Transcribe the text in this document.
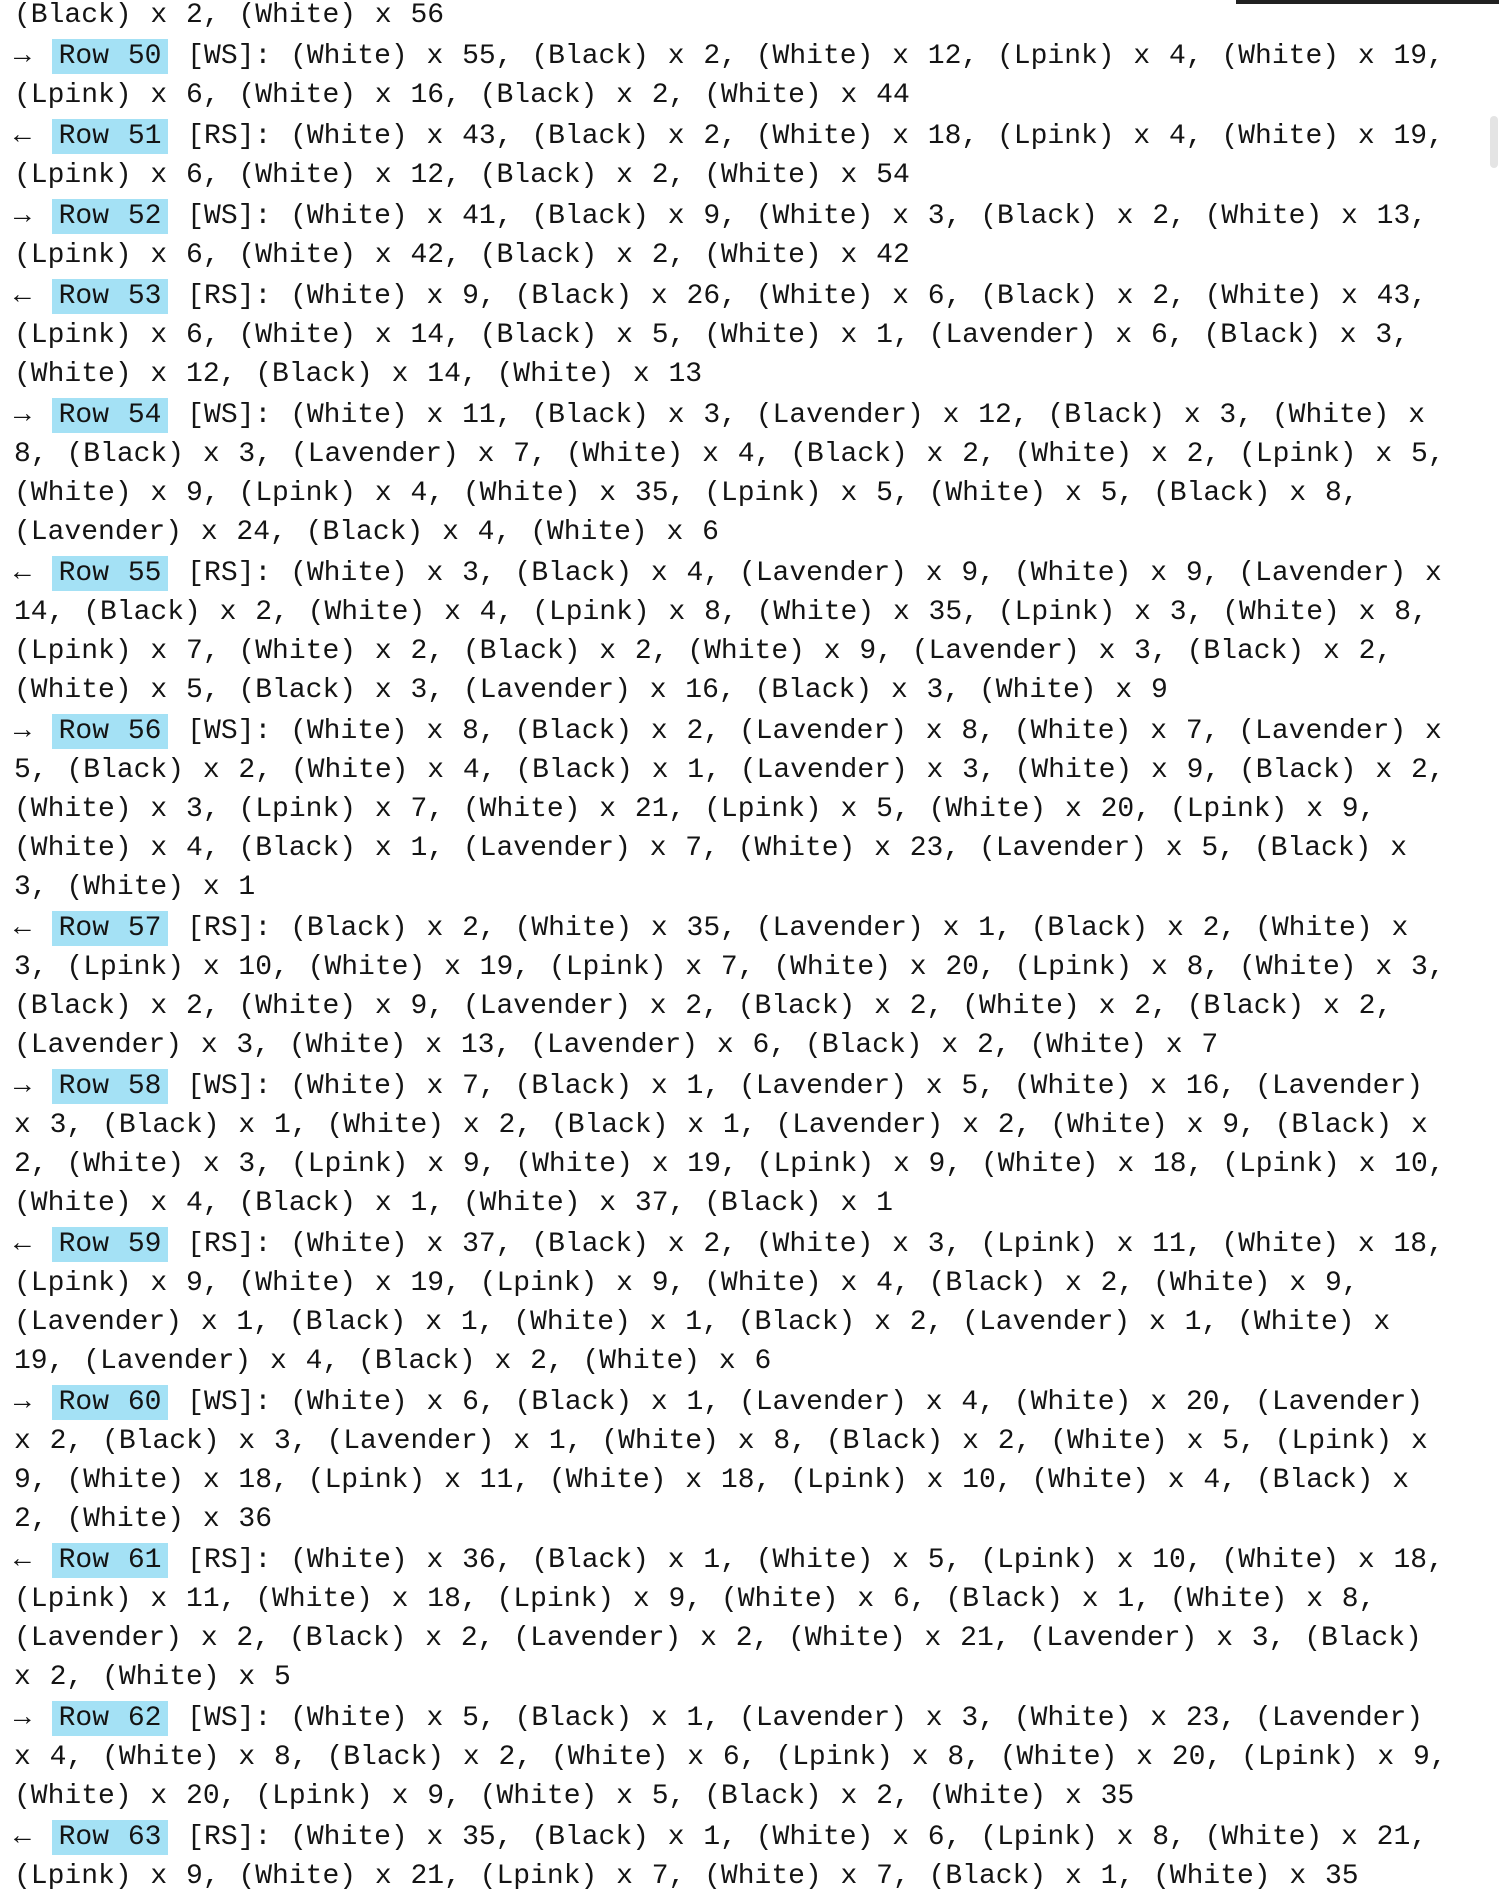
(Black) x 2, (White) x 56

→ Row 50 [WS]: (White) x 55, (Black) x 2, (White) x 12, (Lpink) x 4, (White) x 19, (Lpink) x 6, (White) x 16, (Black) x 2, (White) x 44

← Row 51 [RS]: (White) x 43, (Black) x 2, (White) x 18, (Lpink) x 4, (White) x 19, (Lpink) x 6, (White) x 12, (Black) x 2, (White) x 54

→ Row 52 [WS]: (White) x 41, (Black) x 9, (White) x 3, (Black) x 2, (White) x 13, (Lpink) x 6, (White) x 42, (Black) x 2, (White) x 42

← Row 53 [RS]: (White) x 9, (Black) x 26, (White) x 6, (Black) x 2, (White) x 43, (Lpink) x 6, (White) x 14, (Black) x 5, (White) x 1, (Lavender) x 6, (Black) x 3, (White) x 12, (Black) x 14, (White) x 13

→ Row 54 [WS]: (White) x 11, (Black) x 3, (Lavender) x 12, (Black) x 3, (White) x 8, (Black) x 3, (Lavender) x 7, (White) x 4, (Black) x 2, (White) x 2, (Lpink) x 5, (White) x 9, (Lpink) x 4, (White) x 35, (Lpink) x 5, (White) x 5, (Black) x 8, (Lavender) x 24, (Black) x 4, (White) x 6

← Row 55 [RS]: (White) x 3, (Black) x 4, (Lavender) x 9, (White) x 9, (Lavender) x 14, (Black) x 2, (White) x 4, (Lpink) x 8, (White) x 35, (Lpink) x 3, (White) x 8, (Lpink) x 7, (White) x 2, (Black) x 2, (White) x 9, (Lavender) x 3, (Black) x 2, (White) x 5, (Black) x 3, (Lavender) x 16, (Black) x 3, (White) x 9

→ Row 56 [WS]: (White) x 8, (Black) x 2, (Lavender) x 8, (White) x 7, (Lavender) x 5, (Black) x 2, (White) x 4, (Black) x 1, (Lavender) x 3, (White) x 9, (Black) x 2, (White) x 3, (Lpink) x 7, (White) x 21, (Lpink) x 5, (White) x 20, (Lpink) x 9, (White) x 4, (Black) x 1, (Lavender) x 7, (White) x 23, (Lavender) x 5, (Black) x 3, (White) x 1

← Row 57 [RS]: (Black) x 2, (White) x 35, (Lavender) x 1, (Black) x 2, (White) x 3, (Lpink) x 10, (White) x 19, (Lpink) x 7, (White) x 20, (Lpink) x 8, (White) x 3, (Black) x 2, (White) x 9, (Lavender) x 2, (Black) x 2, (White) x 2, (Black) x 2, (Lavender) x 3, (White) x 13, (Lavender) x 6, (Black) x 2, (White) x 7

→ Row 58 [WS]: (White) x 7, (Black) x 1, (Lavender) x 5, (White) x 16, (Lavender) x 3, (Black) x 1, (White) x 2, (Black) x 1, (Lavender) x 2, (White) x 9, (Black) x 2, (White) x 3, (Lpink) x 9, (White) x 19, (Lpink) x 9, (White) x 18, (Lpink) x 10, (White) x 4, (Black) x 1, (White) x 37, (Black) x 1

← Row 59 [RS]: (White) x 37, (Black) x 2, (White) x 3, (Lpink) x 11, (White) x 18, (Lpink) x 9, (White) x 19, (Lpink) x 9, (White) x 4, (Black) x 2, (White) x 9, (Lavender) x 1, (Black) x 1, (White) x 1, (Black) x 2, (Lavender) x 1, (White) x 19, (Lavender) x 4, (Black) x 2, (White) x 6

→ Row 60 [WS]: (White) x 6, (Black) x 1, (Lavender) x 4, (White) x 20, (Lavender) x 2, (Black) x 3, (Lavender) x 1, (White) x 8, (Black) x 2, (White) x 5, (Lpink) x 9, (White) x 18, (Lpink) x 11, (White) x 18, (Lpink) x 10, (White) x 4, (Black) x 2, (White) x 36

← Row 61 [RS]: (White) x 36, (Black) x 1, (White) x 5, (Lpink) x 10, (White) x 18, (Lpink) x 11, (White) x 18, (Lpink) x 9, (White) x 6, (Black) x 1, (White) x 8, (Lavender) x 2, (Black) x 2, (Lavender) x 2, (White) x 21, (Lavender) x 3, (Black) x 2, (White) x 5

→ Row 62 [WS]: (White) x 5, (Black) x 1, (Lavender) x 3, (White) x 23, (Lavender) x 4, (White) x 8, (Black) x 2, (White) x 6, (Lpink) x 8, (White) x 20, (Lpink) x 9, (White) x 20, (Lpink) x 9, (White) x 5, (Black) x 2, (White) x 35

← Row 63 [RS]: (White) x 35, (Black) x 1, (White) x 6, (Lpink) x 8, (White) x 21, (Lpink) x 9, (White) x 21, (Lpink) x 7, (White) x 7, (Black) x 1, (White) x 35
